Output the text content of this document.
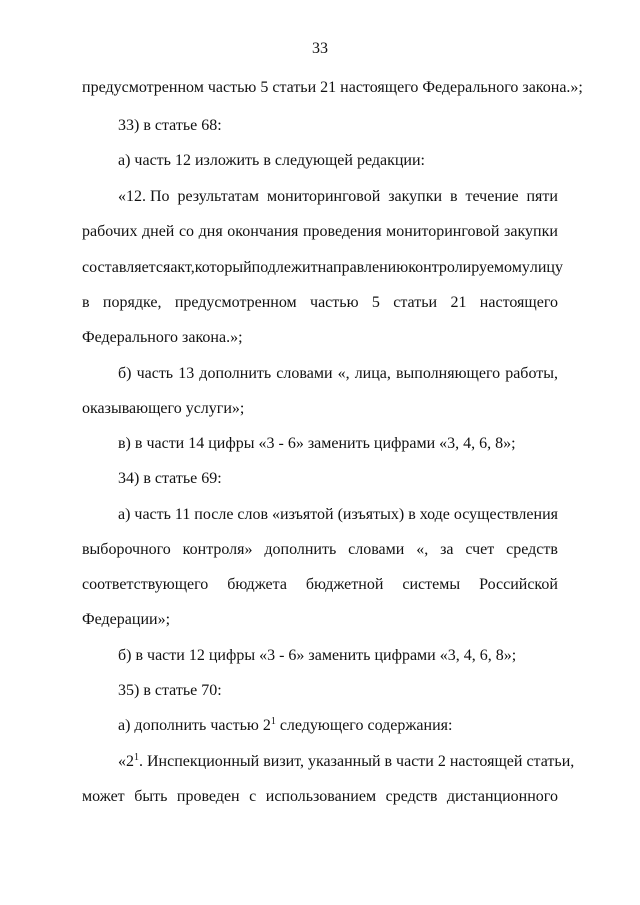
33
предусмотренном частью 5 статьи 21 настоящего Федерального закона.»;
33) в статье 68:
а) часть 12 изложить в следующей редакции:
«12. По результатам мониторинговой закупки в течение пяти
рабочих дней со дня окончания проведения мониторинговой закупки
составляется акт, который подлежит направлению контролируемому лицу
в порядке, предусмотренном частью 5 статьи 21 настоящего
Федерального закона.»;
б) часть 13 дополнить словами «, лица, выполняющего работы,
оказывающего услуги»;
в) в части 14 цифры «3 - 6» заменить цифрами «3, 4, 6, 8»;
34) в статье 69:
а) часть 11 после слов «изъятой (изъятых) в ходе осуществления
выборочного контроля» дополнить словами «, за счет средств
соответствующего бюджета бюджетной системы Российской
Федерации»;
б) в части 12 цифры «3 - 6» заменить цифрами «3, 4, 6, 8»;
35) в статье 70:
а) дополнить частью $2^1$ следующего содержания:
«$2^1$. Инспекционный визит, указанный в части 2 настоящей статьи,
может быть проведен с использованием средств дистанционного
